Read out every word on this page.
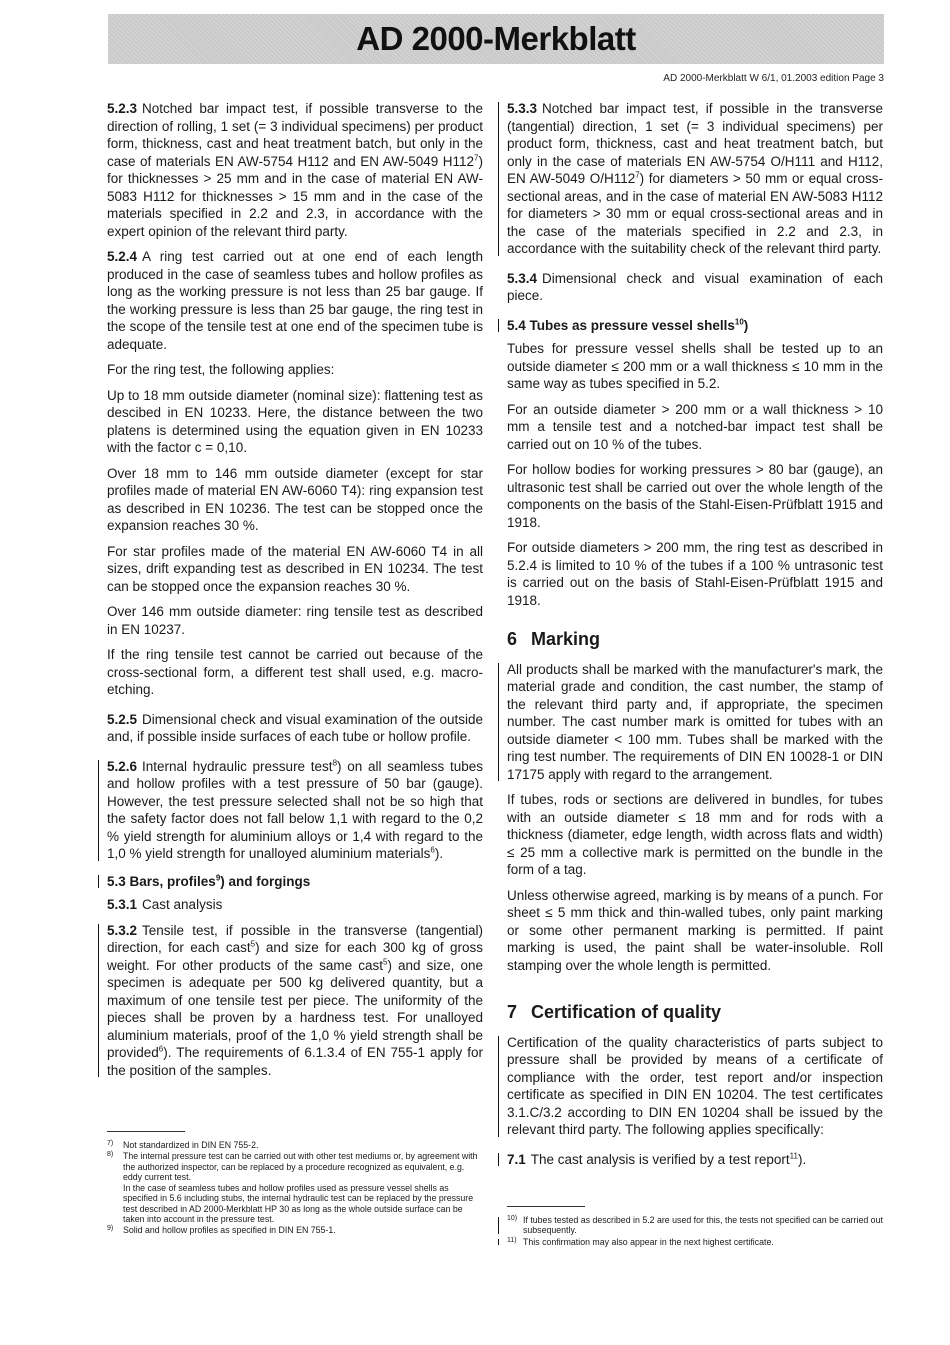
AD 2000-Merkblatt
AD 2000-Merkblatt W 6/1, 01.2003 edition Page 3

5.2.3 Notched bar impact test, if possible transverse to the direction of rolling, 1 set (= 3 individual specimens) per product form, thickness, cast and heat treatment batch, but only in the case of materials EN AW-5754 H112 and EN AW-5049 $H112^7$) for thicknesses > 25 mm and in the case of material EN AW-5083 H112 for thicknesses > 15 mm and in the case of the materials specified in 2.2 and 2.3, in accordance with the expert opinion of the relevant third party.

5.2.4 A ring test carried out at one end of each length produced in the case of seamless tubes and hollow profiles as long as the working pressure is not less than 25 bar gauge. If the working pressure is less than 25 bar gauge, the ring test in the scope of the tensile test at one end of the specimen tube is adequate.

For the ring test, the following applies:

Up to 18 mm outside diameter (nominal size): flattening test as descibed in EN 10233. Here, the distance between the two platens is determined using the equation given in EN 10233 with the factor c = 0,10.

Over 18 mm to 146 mm outside diameter (except for star profiles made of material EN AW-6060 T4): ring expansion test as described in EN 10236. The test can be stopped once the expansion reaches 30 %.

For star profiles made of the material EN AW-6060 T4 in all sizes, drift expanding test as described in EN 10234. The test can be stopped once the expansion reaches 30 %.

Over 146 mm outside diameter: ring tensile test as described in EN 10237.

If the ring tensile test cannot be carried out because of the cross-sectional form, a different test shall used, e.g. macro-etching.

5.2.5 Dimensional check and visual examination of the outside and, if possible inside surfaces of each tube or hollow profile.

5.2.6 Internal hydraulic pressure test$^8$) on all seamless tubes and hollow profiles with a test pressure of 50 bar (gauge). However, the test pressure selected shall not be so high that the safety factor does not fall below 1,1 with regard to the 0,2 % yield strength for aluminium alloys or 1,4 with regard to the 1,0 % yield strength for unalloyed aluminium materials$^6$).

5.3 Bars, profiles$^9$) and forgings

5.3.1 Cast analysis

5.3.2 Tensile test, if possible in the transverse (tangential) direction, for each cast$^5$) and size for each 300 kg of gross weight. For other products of the same cast$^5$) and size, one specimen is adequate per 500 kg delivered quantity, but a maximum of one tensile test per piece. The uniformity of the pieces shall be proven by a hardness test. For unalloyed aluminium materials, proof of the 1,0 % yield strength shall be provided$^6$). The requirements of 6.1.3.4 of EN 755-1 apply for the position of the samples.

7) Not standardized in DIN EN 755-2.

8) The internal pressure test can be carried out with other test mediums or, by agreement with the authorized inspector, can be replaced by a procedure recognized as equivalent, e.g. eddy current test.

In the case of seamless tubes and hollow profiles used as pressure vessel shells as specified in 5.6 including stubs, the internal hydraulic test can be replaced by the pressure test described in AD 2000-Merkblatt HP 30 as long as the whole outside surface can be taken into account in the pressure test.

9) Solid and hollow profiles as specified in DIN EN 755-1.

5.3.3 Notched bar impact test, if possible in the transverse (tangential) direction, 1 set (= 3 individual specimens) per product form, thickness, cast and heat treatment batch, but only in the case of materials EN AW-5754 O/H111 and H112, EN AW-5049 $O/H112^7$) for diameters > 50 mm or equal cross-sectional areas, and in the case of material EN AW-5083 H112 for diameters > 30 mm or equal cross-sectional areas and in the case of the materials specified in 2.2 and 2.3, in accordance with the suitability check of the relevant third party.

5.3.4 Dimensional check and visual examination of each piece.

5.4 Tubes as pressure vessel shells$^{10}$)

Tubes for pressure vessel shells shall be tested up to an outside diameter ≤ 200 mm or a wall thickness ≤ 10 mm in the same way as tubes specified in 5.2.

For an outside diameter > 200 mm or a wall thickness > 10 mm a tensile test and a notched-bar impact test shall be carried out on 10 % of the tubes.

For hollow bodies for working pressures > 80 bar (gauge), an ultrasonic test shall be carried out over the whole length of the components on the basis of the Stahl-Eisen-Prüfblatt 1915 and 1918.

For outside diameters > 200 mm, the ring test as described in 5.2.4 is limited to 10 % of the tubes if a 100 % untrasonic test is carried out on the basis of Stahl-Eisen-Prüfblatt 1915 and 1918.

6 Marking

All products shall be marked with the manufacturer's mark, the material grade and condition, the cast number, the stamp of the relevant third party and, if appropriate, the specimen number. The cast number mark is omitted for tubes with an outside diameter < 100 mm. Tubes shall be marked with the ring test number. The requirements of DIN EN 10028-1 or DIN 17175 apply with regard to the arrangement.

If tubes, rods or sections are delivered in bundles, for tubes with an outside diameter ≤ 18 mm and for rods with a thickness (diameter, edge length, width across flats and width) ≤ 25 mm a collective mark is permitted on the bundle in the form of a tag.

Unless otherwise agreed, marking is by means of a punch. For sheet ≤ 5 mm thick and thin-walled tubes, only paint marking or some other permanent marking is permitted. If paint marking is used, the paint shall be water-insoluble. Roll stamping over the whole length is permitted.

7 Certification of quality

Certification of the quality characteristics of parts subject to pressure shall be provided by means of a certificate of compliance with the order, test report and/or inspection certificate as specified in DIN EN 10204. The test certificates 3.1.C/3.2 according to DIN EN 10204 shall be issued by the relevant third party. The following applies specifically:

7.1 The cast analysis is verified by a test report$^{11}$).

10) If tubes tested as described in 5.2 are used for this, the tests not specified can be carried out subsequently.

11) This confirmation may also appear in the next highest certificate.
